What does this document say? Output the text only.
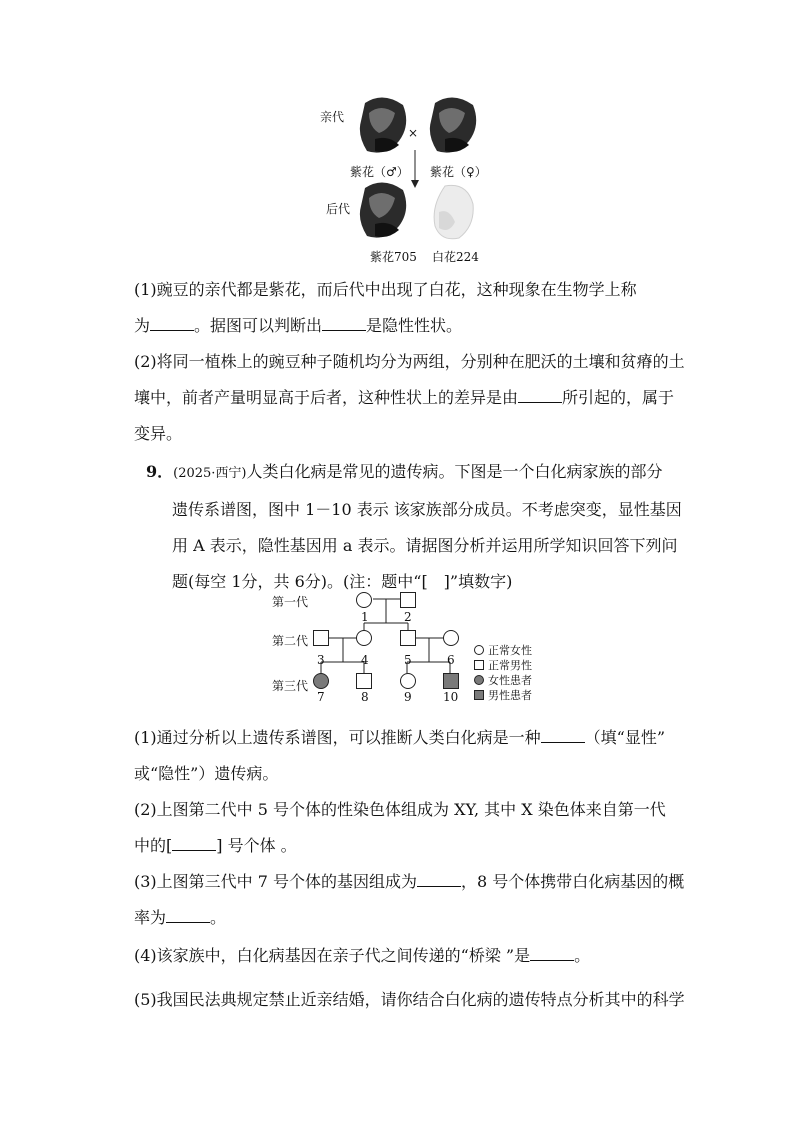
亲代
后代
×
紫花（♂） 紫花（♀）
紫花705 白花224
(1)豌豆的亲代都是紫花，而后代中出现了白花，这种现象在生物学上称
为	。据图可以判断出	是隐性性状。
(2)将同一植株上的豌豆种子随机均分为两组，分别种在肥沃的土壤和贫瘠的土
壤中，前者产量明显高于后者，这种性状上的差异是由	所引起的，属于
变异。
9．(2025·西宁)人类白化病是常见的遗传病。下图是一个白化病家族的部分
遗传系谱图，图中 1－10 表示 该家族部分成员。不考虑突变，显性基因
用 A 表示，隐性基因用 a 表示。请据图分析并运用所学知识回答下列问
题(每空 1分，共 6分)。(注：题中“[　]”填数字)
第一代
第二代
第三代
1	2
3	4	5	6
7	8	9	10
正常女性
正常男性
女性患者
男性患者
(1)通过分析以上遗传系谱图，可以推断人类白化病是一种	（填“显性”
或“隐性”）遗传病。
(2)上图第二代中 5 号个体的性染色体组成为 XY, 其中 X 染色体来自第一代
中的[	] 号个体 。
(3)上图第三代中 7 号个体的基因组成为	，8 号个体携带白化病基因的概
率为	。
(4)该家族中，白化病基因在亲子代之间传递的“桥梁 ”是	。
(5)我国民法典规定禁止近亲结婚，请你结合白化病的遗传特点分析其中的科学
